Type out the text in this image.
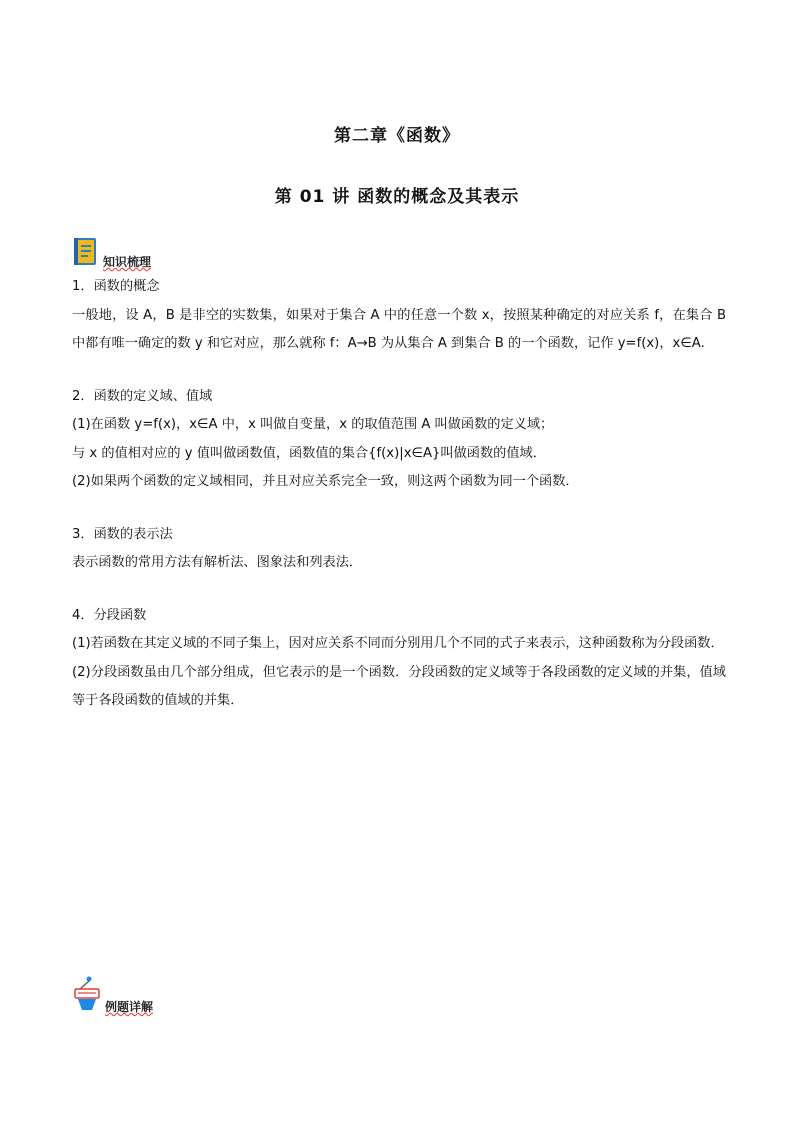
第二章《函数》
第 01 讲 函数的概念及其表示
知识梳理

1．函数的概念

一般地，设 A，B 是非空的实数集，如果对于集合 A 中的任意一个数 x，按照某种确定的对应关系 f，在集合 B 中都有唯一确定的数 y 和它对应，那么就称 f：A→B 为从集合 A 到集合 B 的一个函数，记作 y=f(x)，x∈A.

2．函数的定义域、值域

(1)在函数 y=f(x)，x∈A 中，x 叫做自变量，x 的取值范围 A 叫做函数的定义域；

与 x 的值相对应的 y 值叫做函数值，函数值的集合{f(x)|x∈A}叫做函数的值域．

(2)如果两个函数的定义域相同，并且对应关系完全一致，则这两个函数为同一个函数．

3．函数的表示法

表示函数的常用方法有解析法、图象法和列表法．

4．分段函数

(1)若函数在其定义域的不同子集上，因对应关系不同而分别用几个不同的式子来表示，这种函数称为分段函数．

(2)分段函数虽由几个部分组成，但它表示的是一个函数．分段函数的定义域等于各段函数的定义域的并集，值域等于各段函数的值域的并集．

例题详解
